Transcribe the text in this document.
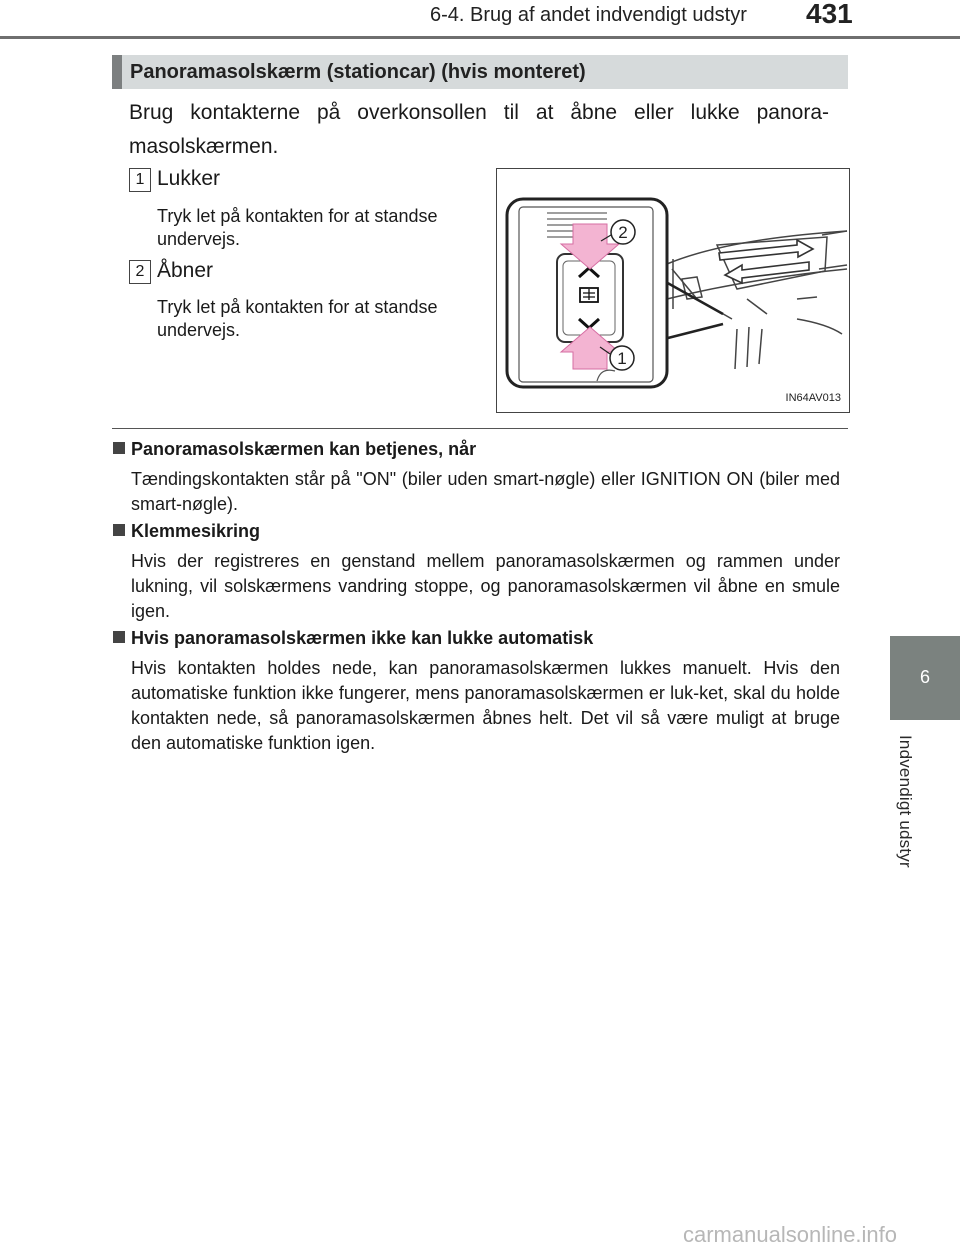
6-4. Brug af andet indvendigt udstyr 431
6
Indvendigt udstyr
Panoramasolskærm (stationcar) (hvis monteret)
Brug kontakterne på overkonsollen til at åbne eller lukke panora-masolskærmen.
1 Lukker
Tryk let på kontakten for at standse undervejs.
2 Åbner
Tryk let på kontakten for at standse undervejs.
2
1
IN64AV013
Panoramasolskærmen kan betjenes, når
Tændingskontakten står på "ON" (biler uden smart-nøgle) eller IGNITION ON (biler med smart-nøgle).
Klemmesikring
Hvis der registreres en genstand mellem panoramasolskærmen og rammen under lukning, vil solskærmens vandring stoppe, og panoramasolskærmen vil åbne en smule igen.
Hvis panoramasolskærmen ikke kan lukke automatisk
Hvis kontakten holdes nede, kan panoramasolskærmen lukkes manuelt. Hvis den automatiske funktion ikke fungerer, mens panoramasolskærmen er luk-ket, skal du holde kontakten nede, så panoramasolskærmen åbnes helt. Det vil så være muligt at bruge den automatiske funktion igen.
carmanualsonline.info
